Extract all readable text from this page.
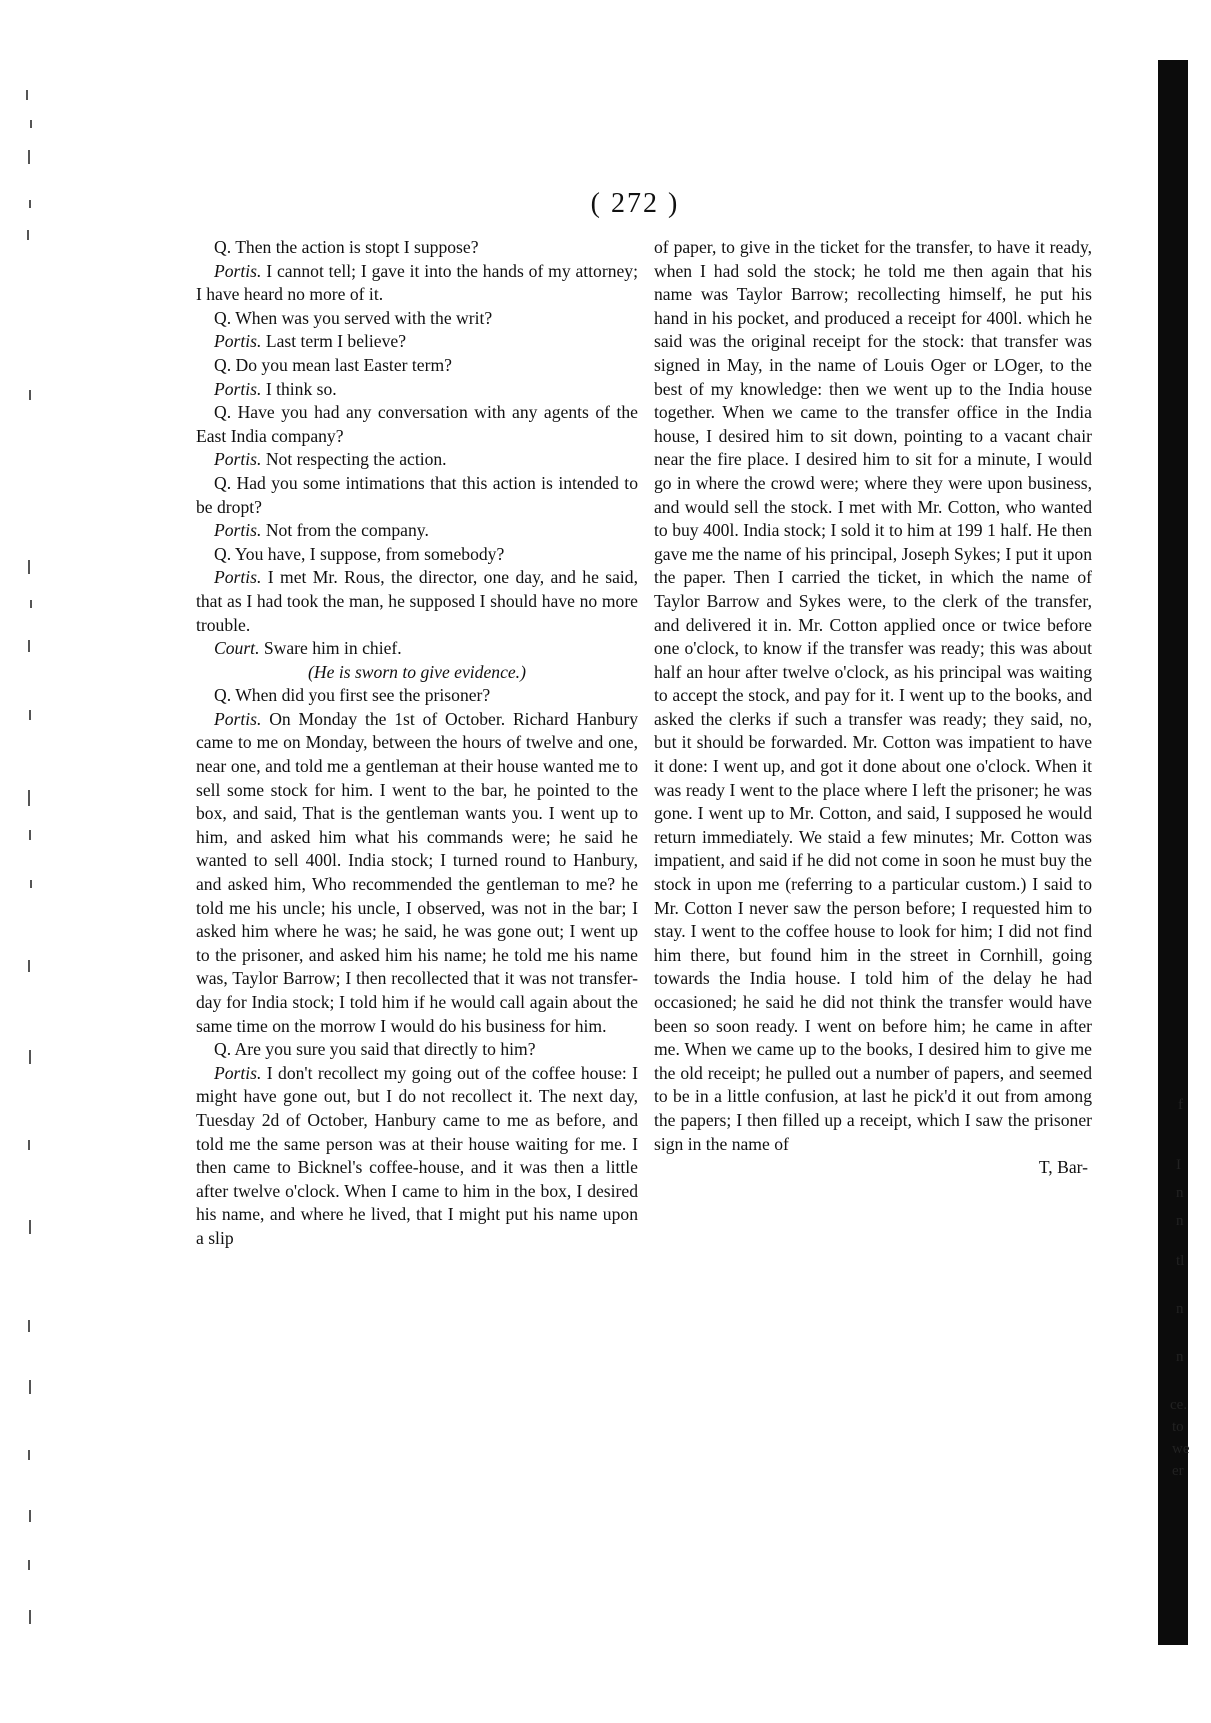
( 272 )

Q. Then the action is stopt I suppose?

Portis. I cannot tell; I gave it into the hands of my attorney; I have heard no more of it.

Q. When was you served with the writ?

Portis. Last term I believe?

Q. Do you mean last Easter term?

Portis. I think so.

Q. Have you had any conversation with any agents of the East India company?

Portis. Not respecting the action.

Q. Had you some intimations that this action is intended to be dropt?

Portis. Not from the company.

Q. You have, I suppose, from somebody?

Portis. I met Mr. Rous, the director, one day, and he said, that as I had took the man, he supposed I should have no more trouble.

Court. Sware him in chief.

(He is sworn to give evidence.)

Q. When did you first see the prisoner?

Portis. On Monday the 1st of October. Richard Hanbury came to me on Monday, between the hours of twelve and one, near one, and told me a gentleman at their house wanted me to sell some stock for him. I went to the bar, he pointed to the box, and said, That is the gentleman wants you. I went up to him, and asked him what his commands were; he said he wanted to sell 400l. India stock; I turned round to Hanbury, and asked him, Who recommended the gentleman to me? he told me his uncle; his uncle, I observed, was not in the bar; I asked him where he was; he said, he was gone out; I went up to the prisoner, and asked him his name; he told me his name was, Taylor Barrow; I then recollected that it was not transfer-day for India stock; I told him if he would call again about the same time on the morrow I would do his business for him.

Q. Are you sure you said that directly to him?

Portis. I don't recollect my going out of the coffee house: I might have gone out, but I do not recollect it. The next day, Tuesday 2d of October, Hanbury came to me as before, and told me the same person was at their house waiting for me. I then came to Bicknel's coffee-house, and it was then a little after twelve o'clock. When I came to him in the box, I desired his name, and where he lived, that I might put his name upon a slip

of paper, to give in the ticket for the transfer, to have it ready, when I had sold the stock; he told me then again that his name was Taylor Barrow; recollecting himself, he put his hand in his pocket, and produced a receipt for 400l. which he said was the original receipt for the stock: that transfer was signed in May, in the name of Louis Oger or LOger, to the best of my knowledge: then we went up to the India house together. When we came to the transfer office in the India house, I desired him to sit down, pointing to a vacant chair near the fire place. I desired him to sit for a minute, I would go in where the crowd were; where they were upon business, and would sell the stock. I met with Mr. Cotton, who wanted to buy 400l. India stock; I sold it to him at 199 1 half. He then gave me the name of his principal, Joseph Sykes; I put it upon the paper. Then I carried the ticket, in which the name of Taylor Barrow and Sykes were, to the clerk of the transfer, and delivered it in. Mr. Cotton applied once or twice before one o'clock, to know if the transfer was ready; this was about half an hour after twelve o'clock, as his principal was waiting to accept the stock, and pay for it. I went up to the books, and asked the clerks if such a transfer was ready; they said, no, but it should be forwarded. Mr. Cotton was impatient to have it done: I went up, and got it done about one o'clock. When it was ready I went to the place where I left the prisoner; he was gone. I went up to Mr. Cotton, and said, I supposed he would return immediately. We staid a few minutes; Mr. Cotton was impatient, and said if he did not come in soon he must buy the stock in upon me (referring to a particular custom.) I said to Mr. Cotton I never saw the person before; I requested him to stay. I went to the coffee house to look for him; I did not find him there, but found him in the street in Cornhill, going towards the India house. I told him of the delay he had occasioned; he said he did not think the transfer would have been so soon ready. I went on before him; he came in after me. When we came up to the books, I desired him to give me the old receipt; he pulled out a number of papers, and seemed to be in a little confusion, at last he pick'd it out from among the papers; I then filled up a receipt, which I saw the prisoner sign in the name of

T, Bar-

f
I
n
n
tl
n
n
ce.
to
we
er
